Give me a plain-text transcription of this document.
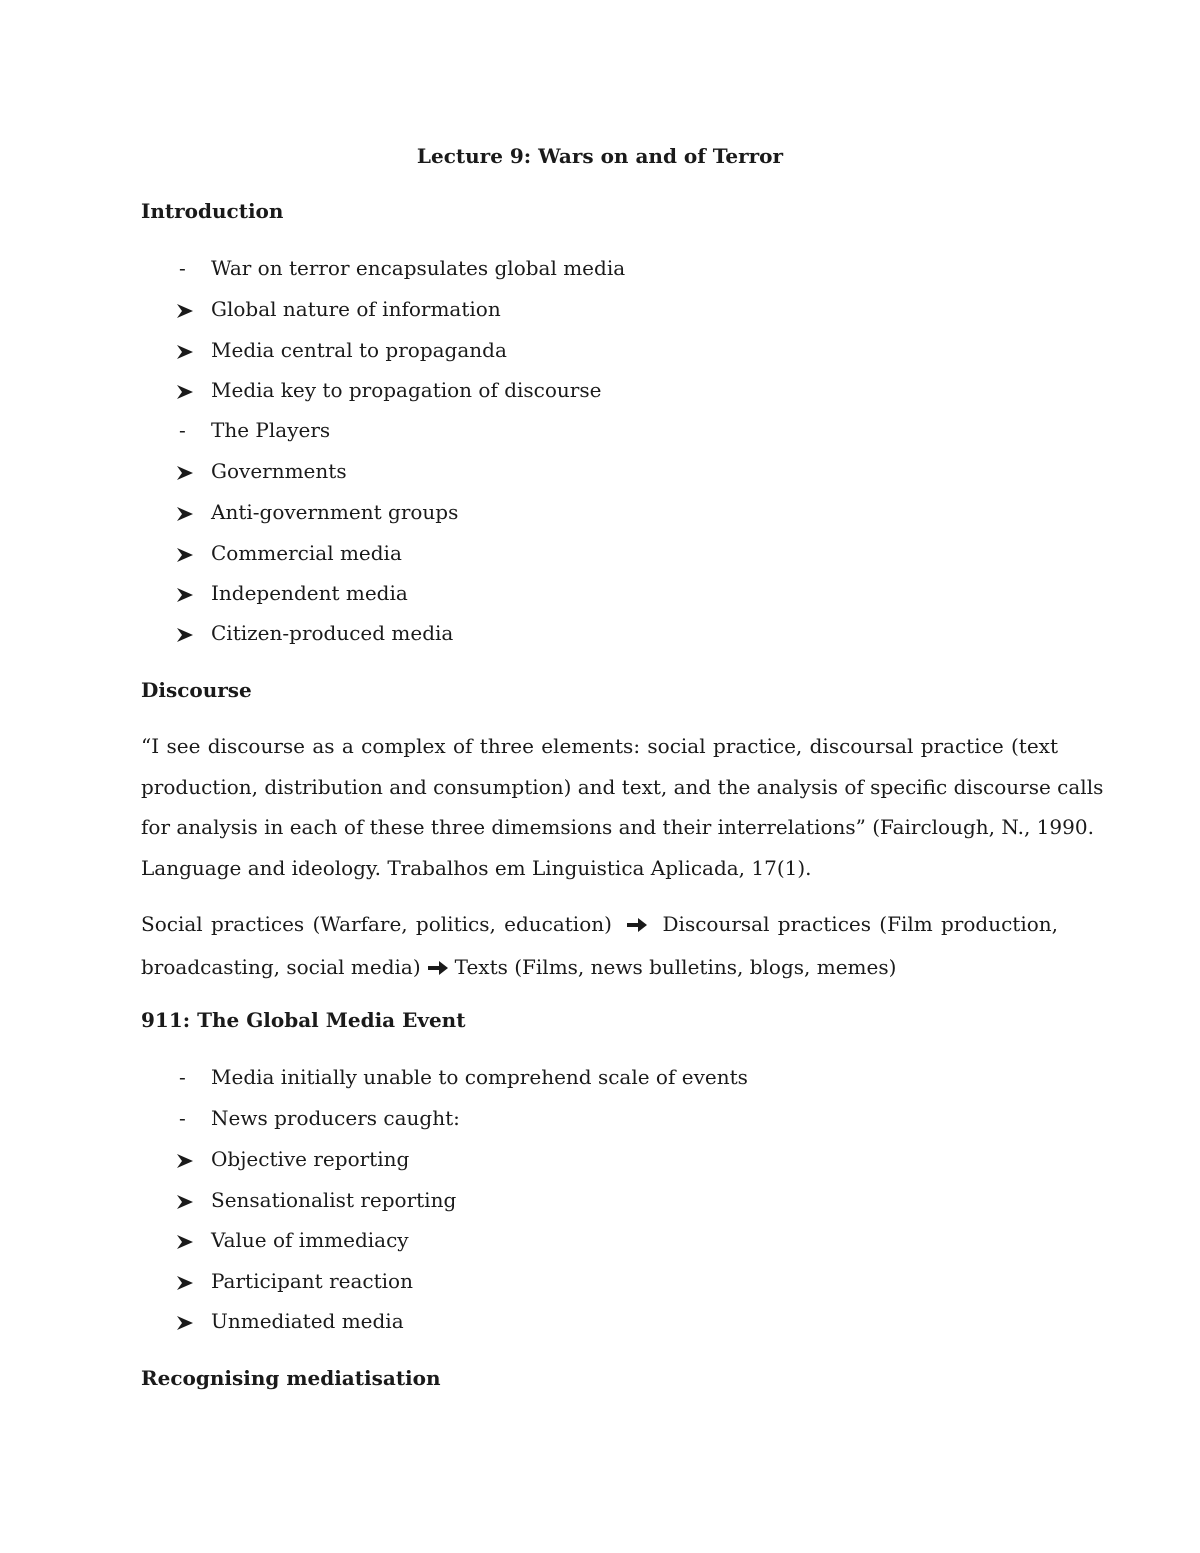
Lecture 9: Wars on and of Terror
Introduction
-	War on terror encapsulates global media
Global nature of information
Media central to propaganda
Media key to propagation of discourse
-	The Players
Governments
Anti-government groups
Commercial media
Independent media
Citizen-produced media
Discourse
“I see discourse as a complex of three elements: social practice, discoursal practice (text
production, distribution and consumption) and text, and the analysis of specific discourse calls
for analysis in each of these three dimemsions and their interrelations” (Fairclough, N., 1990.
Language and ideology. Trabalhos em Linguistica Aplicada, 17(1).
Social practices (Warfare, politics, education)	Discoursal practices (Film production,
broadcasting, social media) Texts (Films, news bulletins, blogs, memes)
911: The Global Media Event
-	Media initially unable to comprehend scale of events
-	News producers caught:
Objective reporting
Sensationalist reporting
Value of immediacy
Participant reaction
Unmediated media
Recognising mediatisation
